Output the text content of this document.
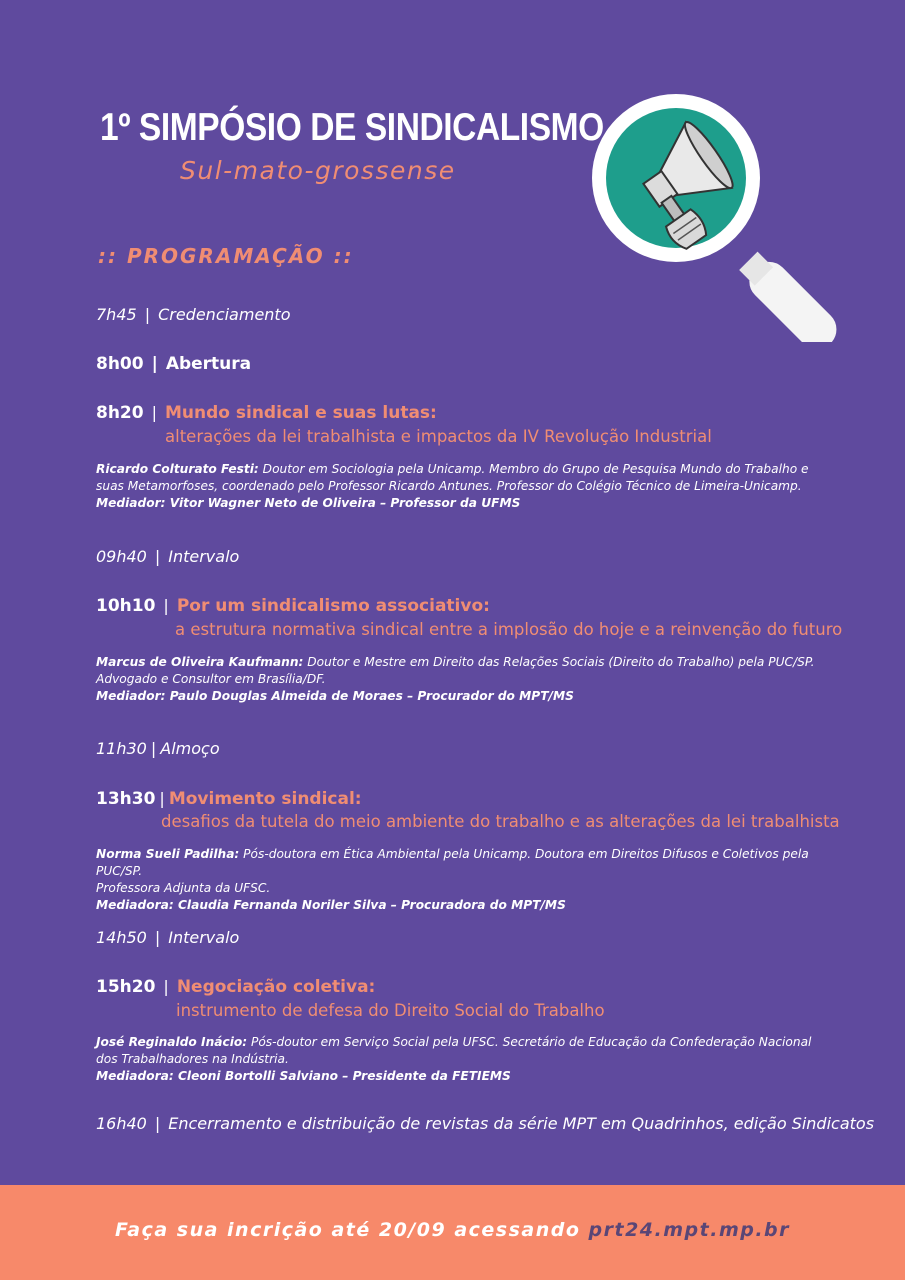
1º SIMPÓSIO DE SINDICALISMO
Sul-mato-grossense
:: PROGRAMAÇÃO ::
7h45 | Credenciamento
8h00 | Abertura
8h20 | Mundo sindical e suas lutas:
alterações da lei trabalhista e impactos da IV Revolução Industrial
Ricardo Colturato Festi: Doutor em Sociologia pela Unicamp. Membro do Grupo de Pesquisa Mundo do Trabalho e
suas Metamorfoses, coordenado pelo Professor Ricardo Antunes. Professor do Colégio Técnico de Limeira-Unicamp.
Mediador: Vitor Wagner Neto de Oliveira – Professor da UFMS
09h40 | Intervalo
10h10 | Por um sindicalismo associativo:
a estrutura normativa sindical entre a implosão do hoje e a reinvenção do futuro
Marcus de Oliveira Kaufmann: Doutor e Mestre em Direito das Relações Sociais (Direito do Trabalho) pela PUC/SP.
Advogado e Consultor em Brasília/DF.
Mediador: Paulo Douglas Almeida de Moraes – Procurador do MPT/MS
11h30 | Almoço
13h30 | Movimento sindical:
desafios da tutela do meio ambiente do trabalho e as alterações da lei trabalhista
Norma Sueli Padilha: Pós-doutora em Ética Ambiental pela Unicamp. Doutora em Direitos Difusos e Coletivos pela PUC/SP.
Professora Adjunta da UFSC.
Mediadora: Claudia Fernanda Noriler Silva – Procuradora do MPT/MS
14h50 | Intervalo
15h20 | Negociação coletiva:
instrumento de defesa do Direito Social do Trabalho
José Reginaldo Inácio: Pós-doutor em Serviço Social pela UFSC. Secretário de Educação da Confederação Nacional
dos Trabalhadores na Indústria.
Mediadora: Cleoni Bortolli Salviano – Presidente da FETIEMS
16h40 | Encerramento e distribuição de revistas da série MPT em Quadrinhos, edição Sindicatos
Faça sua incrição até 20/09 acessando prt24.mpt.mp.br
